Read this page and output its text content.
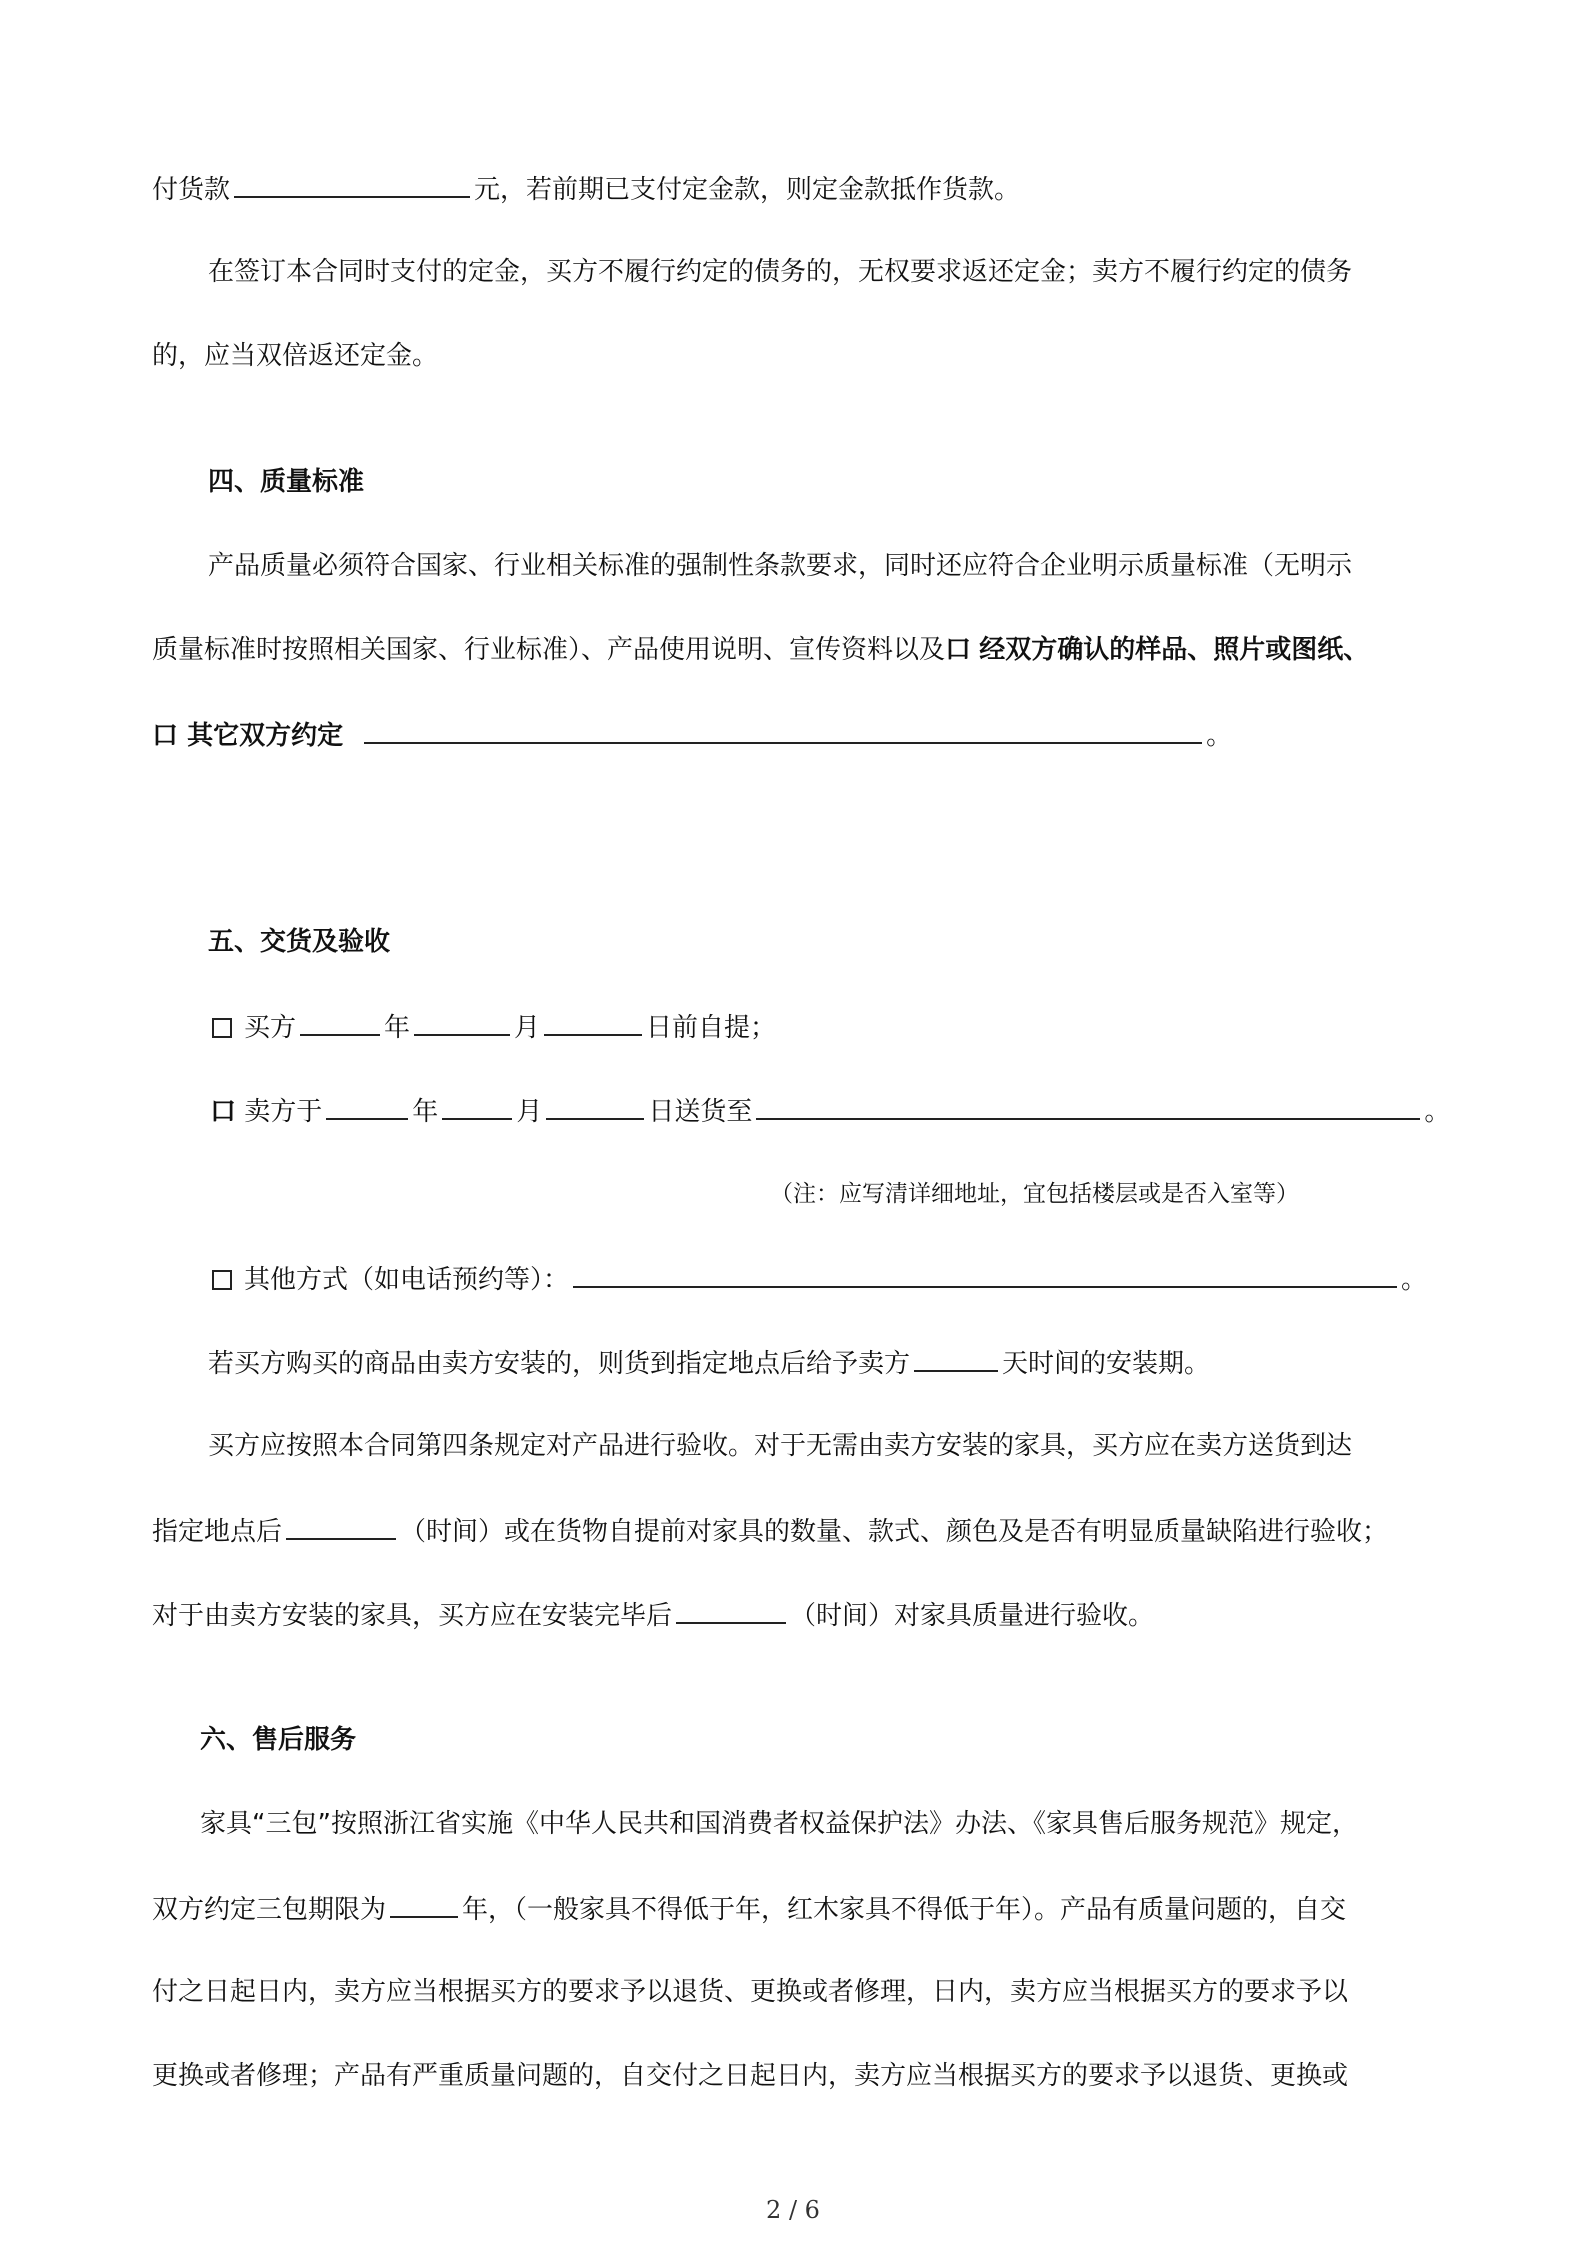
付货款	元，若前期已支付定金款，则定金款抵作货款。
在签订本合同时支付的定金，买方不履行约定的债务的，无权要求返还定金；卖方不履行约定的债务
的，应当双倍返还定金。
四、质量标准
产品质量必须符合国家、行业相关标准的强制性条款要求，同时还应符合企业明示质量标准（无明示
质量标准时按照相关国家、行业标准）、产品使用说明、宣传资料以及口 经双方确认的样品、照片或图纸、
口 其它双方约定	。
五、交货及验收
买方	年	月	日前自提；
口 卖方于	年	月	日送货至	。
（注：应写清详细地址，宜包括楼层或是否入室等）
其他方式（如电话预约等）：	。
若买方购买的商品由卖方安装的，则货到指定地点后给予卖方	天时间的安装期。
买方应按照本合同第四条规定对产品进行验收。对于无需由卖方安装的家具，买方应在卖方送货到达
指定地点后	（时间）或在货物自提前对家具的数量、款式、颜色及是否有明显质量缺陷进行验收；
对于由卖方安装的家具，买方应在安装完毕后	（时间）对家具质量进行验收。
六、售后服务
家具“三包”按照浙江省实施《中华人民共和国消费者权益保护法》办法、《家具售后服务规范》规定，
双方约定三包期限为	年，（一般家具不得低于年，红木家具不得低于年）。产品有质量问题的，自交
付之日起日内，卖方应当根据买方的要求予以退货、更换或者修理，日内，卖方应当根据买方的要求予以
更换或者修理；产品有严重质量问题的，自交付之日起日内，卖方应当根据买方的要求予以退货、更换或
2 / 6
